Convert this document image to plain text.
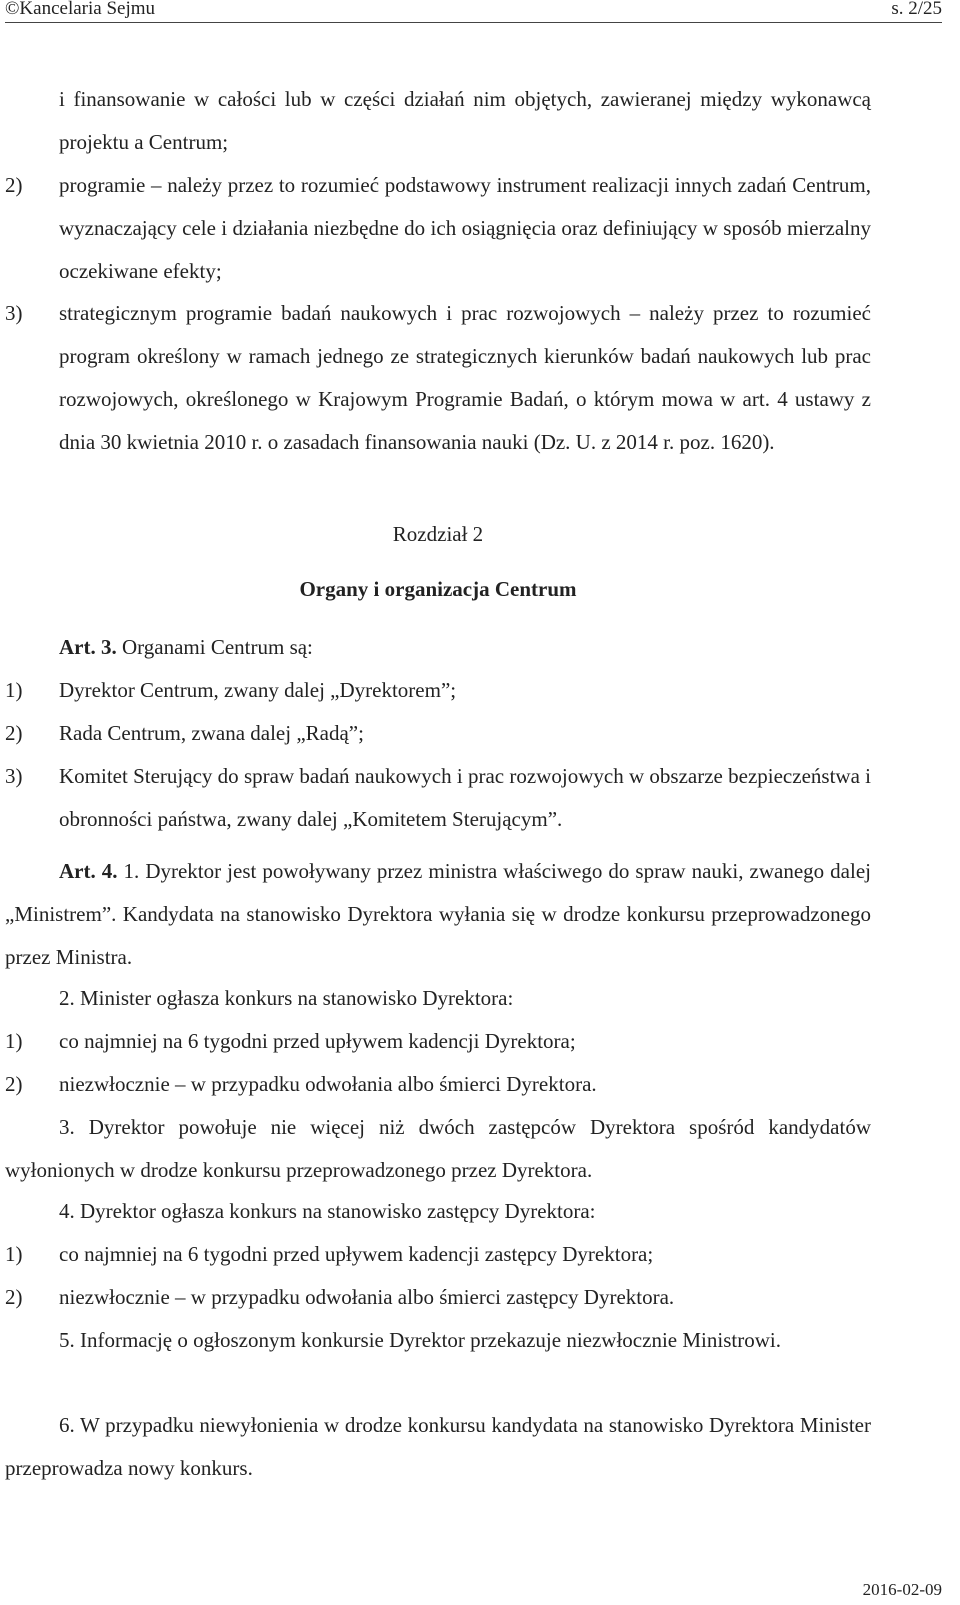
©Kancelaria Sejmu	s. 2/25

i finansowanie w całości lub w części działań nim objętych, zawieranej między wykonawcą projektu a Centrum;

2) programie – należy przez to rozumieć podstawowy instrument realizacji innych zadań Centrum, wyznaczający cele i działania niezbędne do ich osiągnięcia oraz definiujący w sposób mierzalny oczekiwane efekty;

3) strategicznym programie badań naukowych i prac rozwojowych – należy przez to rozumieć program określony w ramach jednego ze strategicznych kierunków badań naukowych lub prac rozwojowych, określonego w Krajowym Programie Badań, o którym mowa w art. 4 ustawy z dnia 30 kwietnia 2010 r. o zasadach finansowania nauki (Dz. U. z 2014 r. poz. 1620).

Rozdział 2

Organy i organizacja Centrum

Art. 3. Organami Centrum są:

1) Dyrektor Centrum, zwany dalej „Dyrektorem”;

2) Rada Centrum, zwana dalej „Radą”;

3) Komitet Sterujący do spraw badań naukowych i prac rozwojowych w obszarze bezpieczeństwa i obronności państwa, zwany dalej „Komitetem Sterującym”.

Art. 4. 1. Dyrektor jest powoływany przez ministra właściwego do spraw nauki, zwanego dalej „Ministrem”. Kandydata na stanowisko Dyrektora wyłania się w drodze konkursu przeprowadzonego przez Ministra.

2. Minister ogłasza konkurs na stanowisko Dyrektora:

1) co najmniej na 6 tygodni przed upływem kadencji Dyrektora;

2) niezwłocznie – w przypadku odwołania albo śmierci Dyrektora.

3. Dyrektor powołuje nie więcej niż dwóch zastępców Dyrektora spośród kandydatów wyłonionych w drodze konkursu przeprowadzonego przez Dyrektora.

4. Dyrektor ogłasza konkurs na stanowisko zastępcy Dyrektora:

1) co najmniej na 6 tygodni przed upływem kadencji zastępcy Dyrektora;

2) niezwłocznie – w przypadku odwołania albo śmierci zastępcy Dyrektora.

5. Informację o ogłoszonym konkursie Dyrektor przekazuje niezwłocznie Ministrowi.

6. W przypadku niewyłonienia w drodze konkursu kandydata na stanowisko Dyrektora Minister przeprowadza nowy konkurs.

2016-02-09
